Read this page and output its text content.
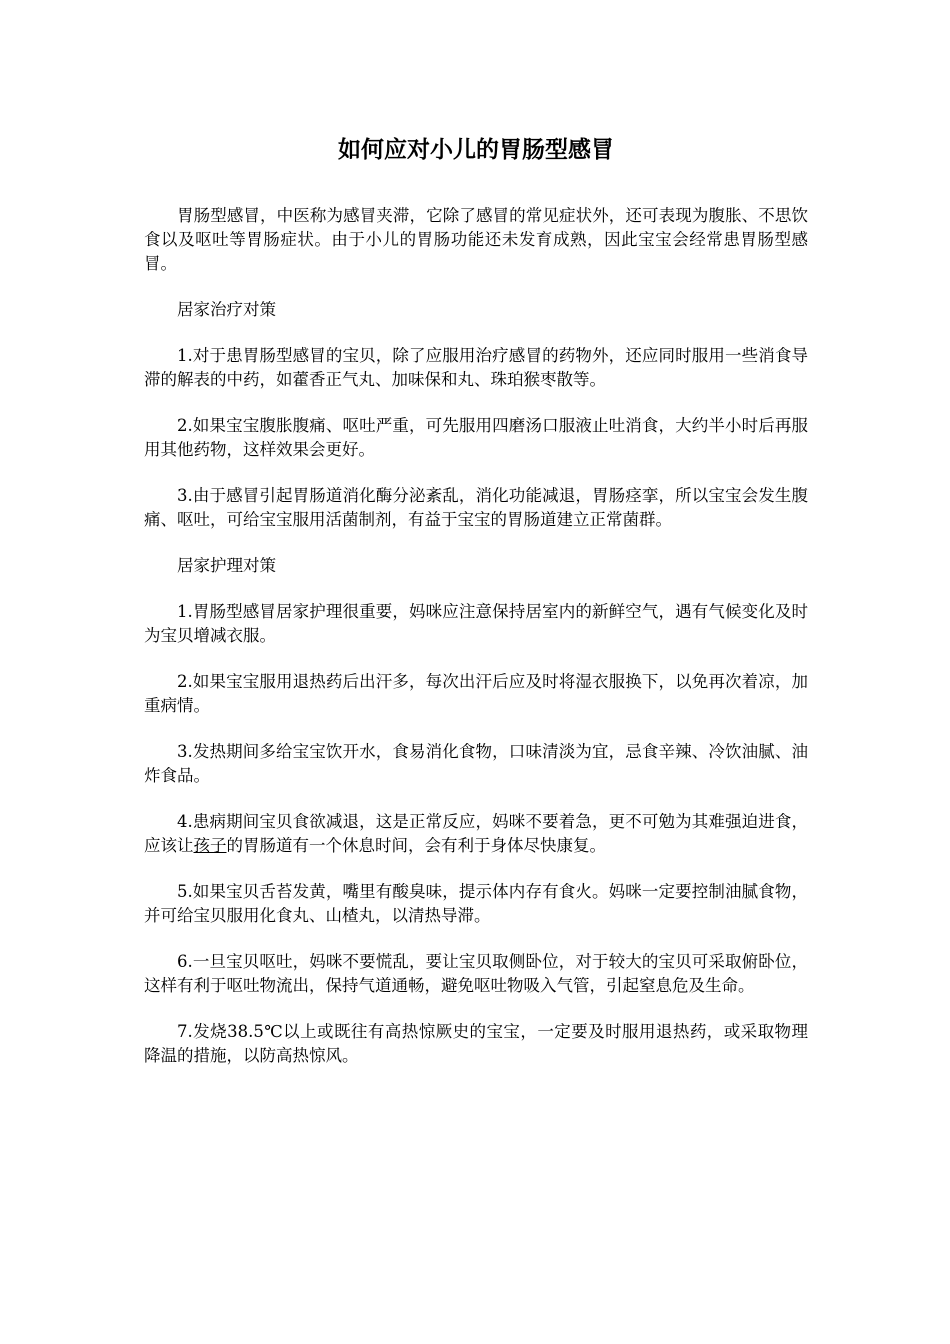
如何应对小儿的胃肠型感冒

胃肠型感冒，中医称为感冒夹滞，它除了感冒的常见症状外，还可表现为腹胀、不思饮食以及呕吐等胃肠症状。由于小儿的胃肠功能还未发育成熟，因此宝宝会经常患胃肠型感冒。

居家治疗对策

1.对于患胃肠型感冒的宝贝，除了应服用治疗感冒的药物外，还应同时服用一些消食导滞的解表的中药，如藿香正气丸、加味保和丸、珠珀猴枣散等。

2.如果宝宝腹胀腹痛、呕吐严重，可先服用四磨汤口服液止吐消食，大约半小时后再服用其他药物，这样效果会更好。

3.由于感冒引起胃肠道消化酶分泌紊乱，消化功能减退，胃肠痉挛，所以宝宝会发生腹痛、呕吐，可给宝宝服用活菌制剂，有益于宝宝的胃肠道建立正常菌群。

居家护理对策

1.胃肠型感冒居家护理很重要，妈咪应注意保持居室内的新鲜空气，遇有气候变化及时为宝贝增减衣服。

2.如果宝宝服用退热药后出汗多，每次出汗后应及时将湿衣服换下，以免再次着凉，加重病情。

3.发热期间多给宝宝饮开水，食易消化食物，口味清淡为宜，忌食辛辣、冷饮油腻、油炸食品。

4.患病期间宝贝食欲减退，这是正常反应，妈咪不要着急，更不可勉为其难强迫进食，应该让孩子的胃肠道有一个休息时间，会有利于身体尽快康复。

5.如果宝贝舌苔发黄，嘴里有酸臭味，提示体内存有食火。妈咪一定要控制油腻食物，并可给宝贝服用化食丸、山楂丸，以清热导滞。

6.一旦宝贝呕吐，妈咪不要慌乱，要让宝贝取侧卧位，对于较大的宝贝可采取俯卧位，这样有利于呕吐物流出，保持气道通畅，避免呕吐物吸入气管，引起窒息危及生命。

7.发烧38.5℃以上或既往有高热惊厥史的宝宝，一定要及时服用退热药，或采取物理降温的措施，以防高热惊风。
